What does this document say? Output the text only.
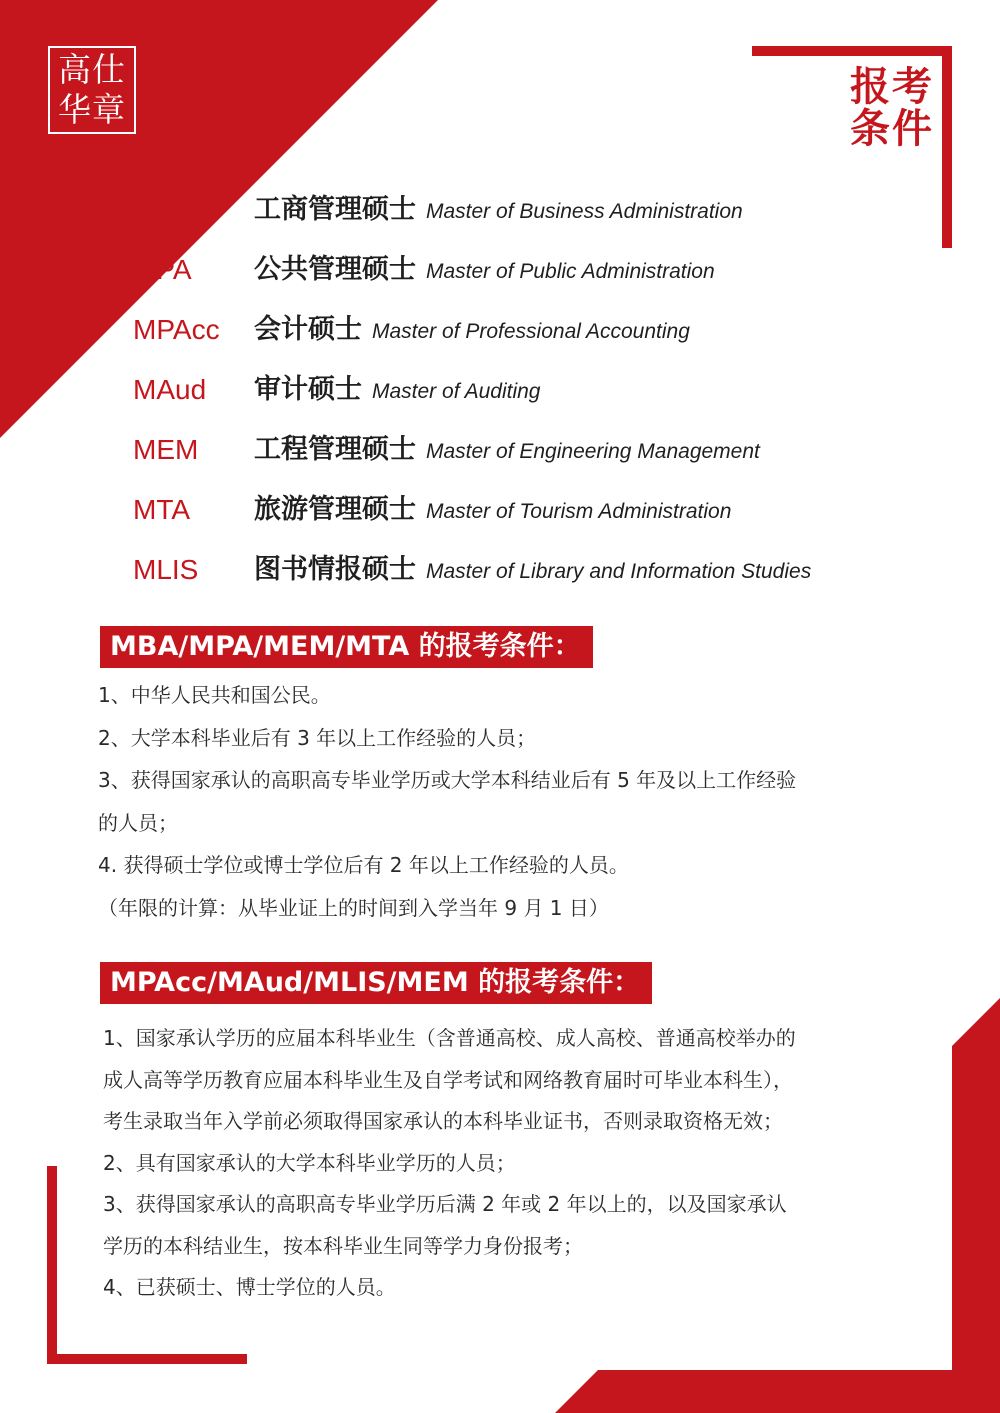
高仕
华章	报考
条件
MBA 工商管理硕士 Master of Business Administration
MPA 公共管理硕士 Master of Public Administration
MPAcc 会计硕士 Master of Professional Accounting
MAud 审计硕士 Master of Auditing
MEM 工程管理硕士 Master of Engineering Management
MTA 旅游管理硕士 Master of Tourism Administration
MLIS 图书情报硕士 Master of Library and Information Studies
MBA/MPA/MEM/MTA 的报考条件：

1、中华人民共和国公民。

2、大学本科毕业后有 3 年以上工作经验的人员；

3、获得国家承认的高职高专毕业学历或大学本科结业后有 5 年及以上工作经验

的人员；

4. 获得硕士学位或博士学位后有 2 年以上工作经验的人员。

（年限的计算：从毕业证上的时间到入学当年 9 月 1 日）

MPAcc/MAud/MLIS/MEM 的报考条件：

1、国家承认学历的应届本科毕业生（含普通高校、成人高校、普通高校举办的

成人高等学历教育应届本科毕业生及自学考试和网络教育届时可毕业本科生），

考生录取当年入学前必须取得国家承认的本科毕业证书，否则录取资格无效；

2、具有国家承认的大学本科毕业学历的人员；

3、获得国家承认的高职高专毕业学历后满 2 年或 2 年以上的，以及国家承认

学历的本科结业生，按本科毕业生同等学力身份报考；

4、已获硕士、博士学位的人员。
